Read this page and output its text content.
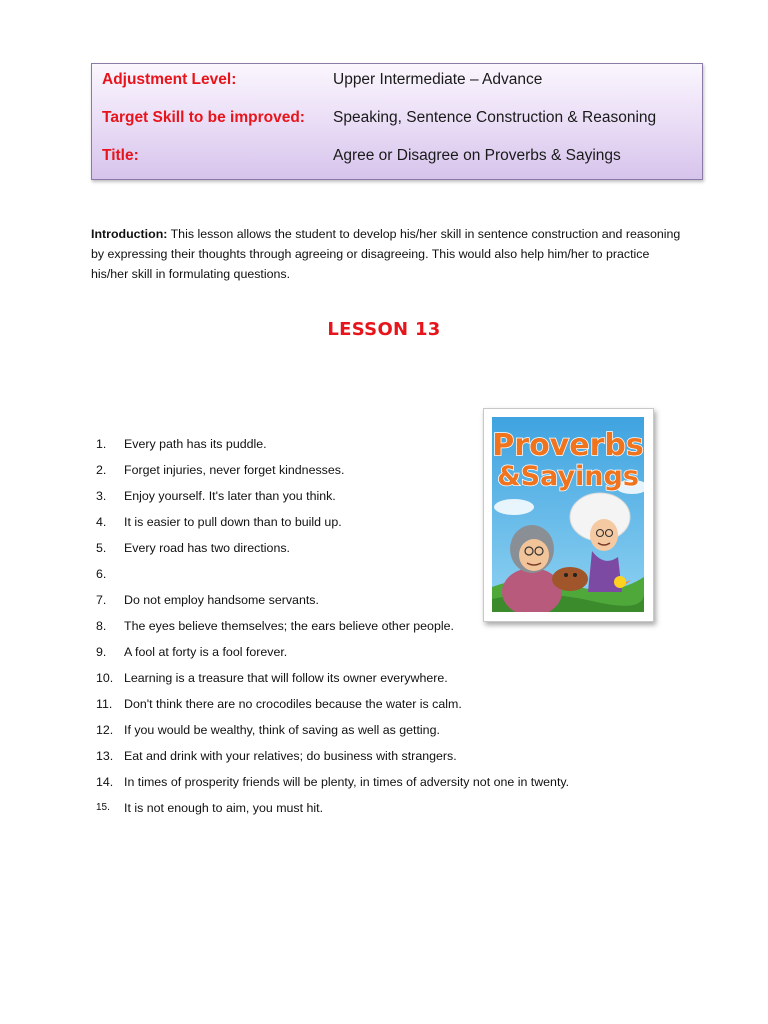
Adjustment Level:	Upper Intermediate – Advance
Target Skill to be improved: Speaking, Sentence Construction & Reasoning
Title:	Agree or Disagree on Proverbs & Sayings

Introduction: This lesson allows the student to develop his/her skill in sentence construction and reasoning by expressing their thoughts through agreeing or disagreeing. This would also help him/her to practice his/her skill in formulating questions.

LESSON 13
1.	Every path has its puddle.
2.	Forget injuries, never forget kindnesses.
3.	Enjoy yourself. It's later than you think.
4.	It is easier to pull down than to build up.
5.	Every road has two directions.
6.
7.	Do not employ handsome servants.
8.	The eyes believe themselves; the ears believe other people.
9.	A fool at forty is a fool forever.
10. Learning is a treasure that will follow its owner everywhere.
11. Don't think there are no crocodiles because the water is calm.
12. If you would be wealthy, think of saving as well as getting.
13. Eat and drink with your relatives; do business with strangers.
14. In times of prosperity friends will be plenty, in times of adversity not one in twenty.
15.	It is not enough to aim, you must hit.
Proverbs
&Sayings
